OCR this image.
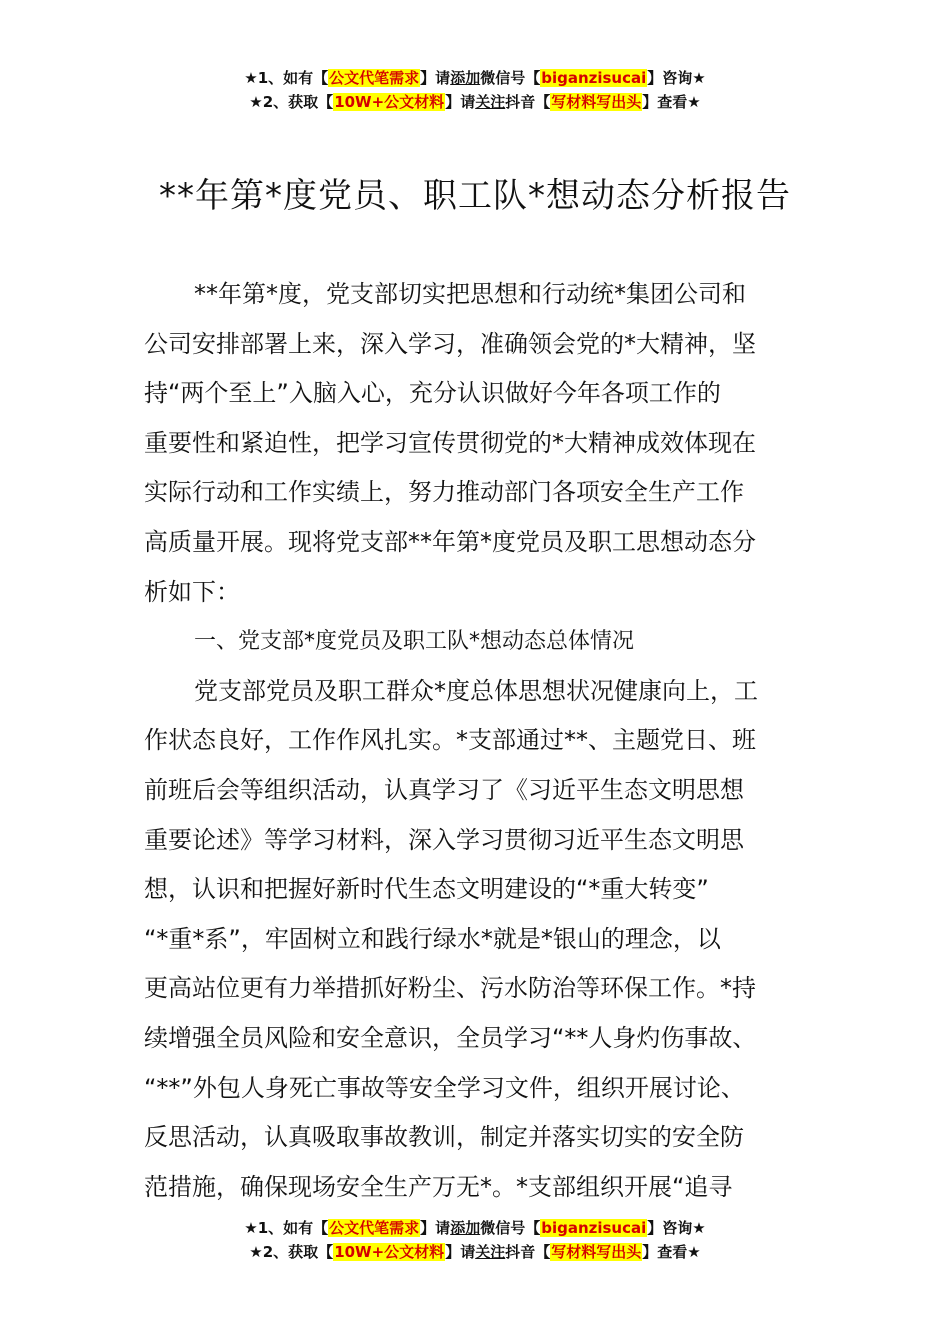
★1、如有【公文代笔需求】请添加微信号【biganzisucai】咨询★
★2、获取【10W+公文材料】请关注抖音【写材料写出头】查看★
**年第*度党员、职工队*想动态分析报告
**年第*度，党支部切实把思想和行动统*集团公司和
公司安排部署上来，深入学习，准确领会党的*大精神，坚
持“两个至上”入脑入心，充分认识做好今年各项工作的
重要性和紧迫性，把学习宣传贯彻党的*大精神成效体现在
实际行动和工作实绩上，努力推动部门各项安全生产工作
高质量开展。现将党支部**年第*度党员及职工思想动态分
析如下：
一、党支部*度党员及职工队*想动态总体情况
党支部党员及职工群众*度总体思想状况健康向上，工
作状态良好，工作作风扎实。*支部通过**、主题党日、班
前班后会等组织活动，认真学习了《习近平生态文明思想
重要论述》等学习材料，深入学习贯彻习近平生态文明思
想，认识和把握好新时代生态文明建设的“*重大转变”
“*重*系”，牢固树立和践行绿水*就是*银山的理念，以
更高站位更有力举措抓好粉尘、污水防治等环保工作。*持
续增强全员风险和安全意识，全员学习“**人身灼伤事故、
“**”外包人身死亡事故等安全学习文件，组织开展讨论、
反思活动，认真吸取事故教训，制定并落实切实的安全防
范措施，确保现场安全生产万无*。*支部组织开展“追寻
★1、如有【公文代笔需求】请添加微信号【biganzisucai】咨询★
★2、获取【10W+公文材料】请关注抖音【写材料写出头】查看★
